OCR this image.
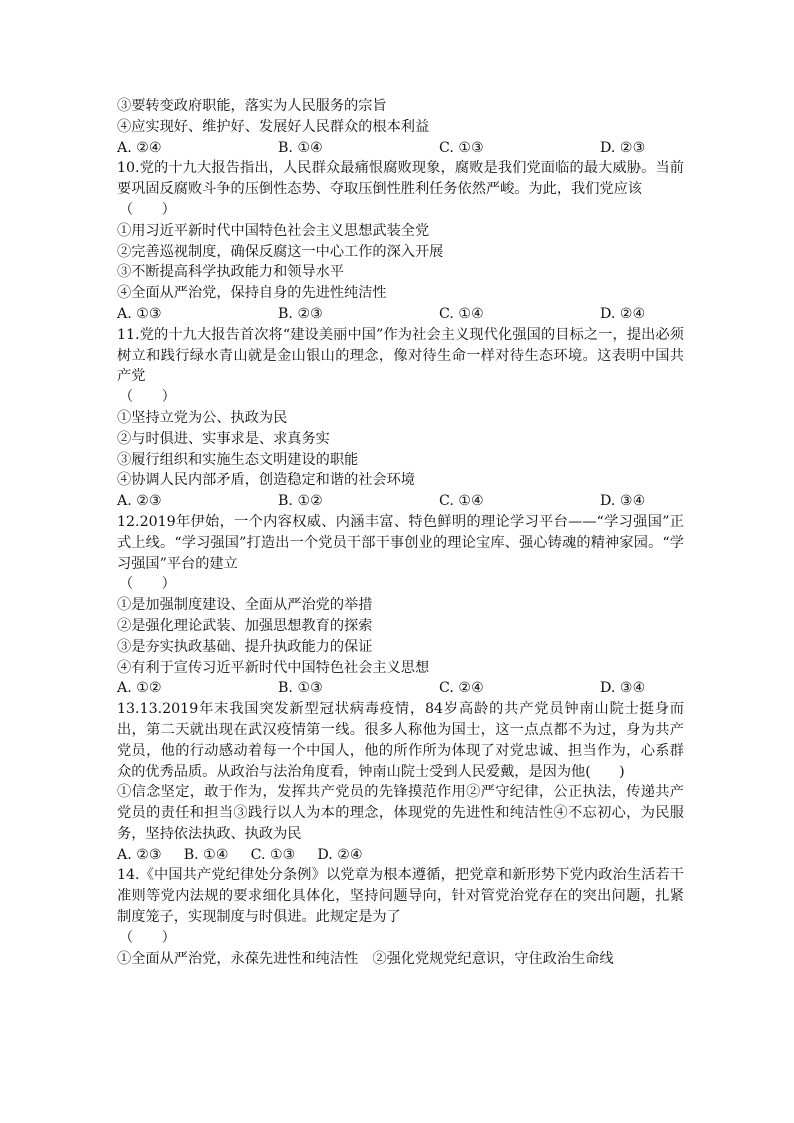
③要转变政府职能，落实为人民服务的宗旨
④应实现好、维护好、发展好人民群众的根本利益
A. ②④	B. ①④	C. ①③	D. ②③
10.党的十九大报告指出，人民群众最痛恨腐败现象，腐败是我们党面临的最大威胁。当前要巩固反腐败斗争的压倒性态势、夺取压倒性胜利任务依然严峻。为此，我们党应该
（　　）
①用习近平新时代中国特色社会主义思想武装全党
②完善巡视制度，确保反腐这一中心工作的深入开展
③不断提高科学执政能力和领导水平
④全面从严治党，保持自身的先进性纯洁性
A. ①③	B. ②③	C. ①④	D. ②④
11.党的十九大报告首次将“建设美丽中国”作为社会主义现代化强国的目标之一，提出必须树立和践行绿水青山就是金山银山的理念，像对待生命一样对待生态环境。这表明中国共产党
（　　）
①坚持立党为公、执政为民
②与时俱进、实事求是、求真务实
③履行组织和实施生态文明建设的职能
④协调人民内部矛盾，创造稳定和谐的社会环境
A. ②③	B. ①②	C. ①④	D. ③④
12.2019年伊始，一个内容权威、内涵丰富、特色鲜明的理论学习平台——“学习强国”正式上线。“学习强国”打造出一个党员干部干事创业的理论宝库、强心铸魂的精神家园。“学习强国”平台的建立
（　　）
①是加强制度建设、全面从严治党的举措
②是强化理论武装、加强思想教育的探索
③是夯实执政基础、提升执政能力的保证
④有利于宣传习近平新时代中国特色社会主义思想
A. ①②	B. ①③	C. ②④	D. ③④
13.13.2019年末我国突发新型冠状病毒疫情，84岁高龄的共产党员钟南山院士挺身而出，第二天就出现在武汉疫情第一线。很多人称他为国士，这一点点都不为过，身为共产党员，他的行动感动着每一个中国人，他的所作所为体现了对党忠诚、担当作为，心系群众的优秀品质。从政治与法治角度看，钟南山院士受到人民爱戴，是因为他(　　)
①信念坚定，敢于作为，发挥共产党员的先锋摸范作用②严守纪律，公正执法，传递共产党员的责任和担当③践行以人为本的理念，体现党的先进性和纯洁性④不忘初心，为民服务，坚持依法执政、执政为民
A. ②③ B. ①④ C. ①③ D. ②④
14.《中国共产党纪律处分条例》以党章为根本遵循，把党章和新形势下党内政治生活若干准则等党内法规的要求细化具体化，坚持问题导向，针对管党治党存在的突出问题，扎紧制度笼子，实现制度与时俱进。此规定是为了
（　　）
①全面从严治党，永葆先进性和纯洁性　②强化党规党纪意识，守住政治生命线
